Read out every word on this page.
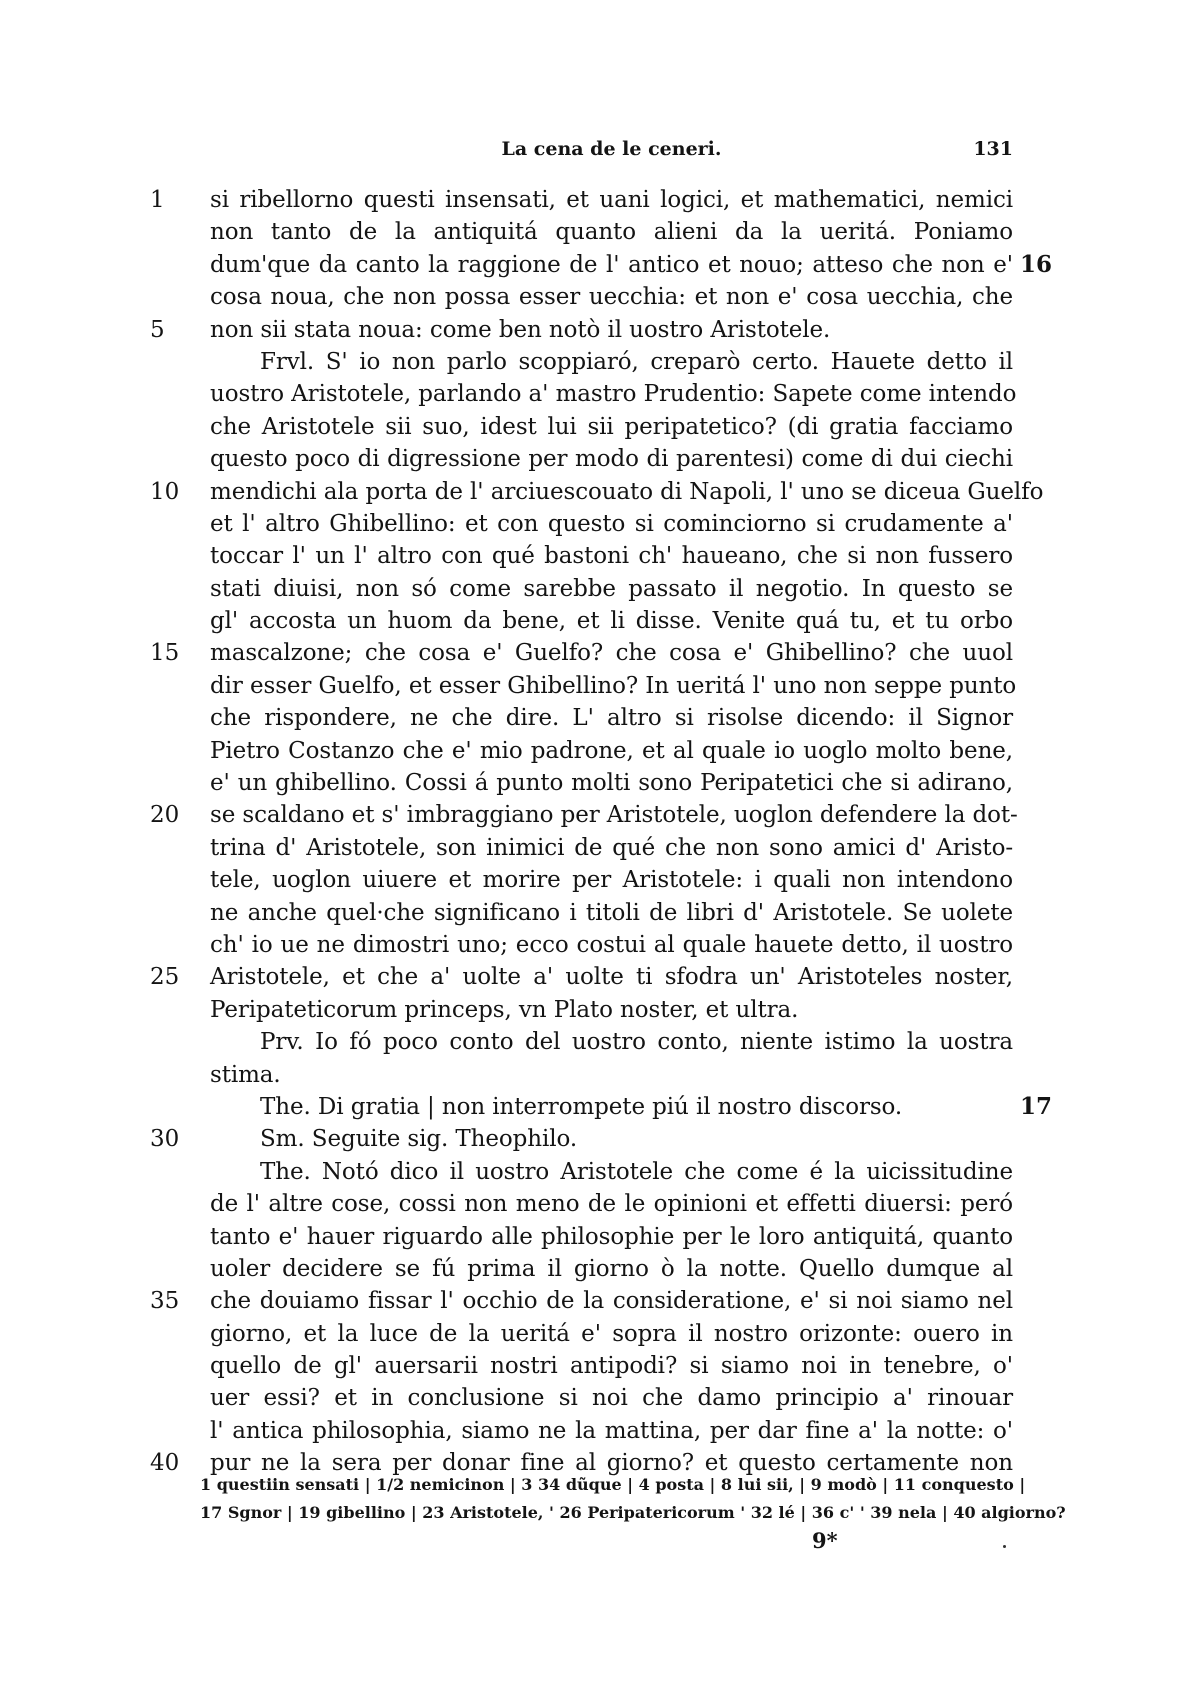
La cena de le ceneri.	131
1	si ribellorno questi insensati, et uani logici, et mathematici, nemici
non tanto de la antiquitá quanto alieni da la ueritá. Poniamo
dum'que da canto la raggione de l' antico et nouo; atteso che non e' 16
cosa noua, che non possa esser uecchia: et non e' cosa uecchia, che
5	non sii stata noua: come ben notò il uostro Aristotele.
Frvl. S' io non parlo scoppiaró, creparò certo. Hauete detto il
uostro Aristotele, parlando a' mastro Prudentio: Sapete come intendo
che Aristotele sii suo, idest lui sii peripatetico? (di gratia facciamo
questo poco di digressione per modo di parentesi) come di dui ciechi
10	mendichi ala porta de l' arciuescouato di Napoli, l' uno se diceua Guelfo
et l' altro Ghibellino: et con questo si cominciorno si crudamente a'
toccar l' un l' altro con qué bastoni ch' haueano, che si non fussero
stati diuisi, non só come sarebbe passato il negotio. In questo se
gl' accosta un huom da bene, et li disse. Venite quá tu, et tu orbo
15	mascalzone; che cosa e' Guelfo? che cosa e' Ghibellino? che uuol
dir esser Guelfo, et esser Ghibellino? In ueritá l' uno non seppe punto
che rispondere, ne che dire. L' altro si risolse dicendo: il Signor
Pietro Costanzo che e' mio padrone, et al quale io uoglo molto bene,
e' un ghibellino. Cossi á punto molti sono Peripatetici che si adirano,
20	se scaldano et s' imbraggiano per Aristotele, uoglon defendere la dot-
trina d' Aristotele, son inimici de qué che non sono amici d' Aristo-
tele, uoglon uiuere et morire per Aristotele: i quali non intendono
ne anche quel·che significano i titoli de libri d' Aristotele. Se uolete
ch' io ue ne dimostri uno; ecco costui al quale hauete detto, il uostro
25	Aristotele, et che a' uolte a' uolte ti sfodra un' Aristoteles noster,
Peripateticorum princeps, vn Plato noster, et ultra.
Prv. Io fó poco conto del uostro conto, niente istimo la uostra
stima.
The. Di gratia | non interrompete piú il nostro discorso.	17
30	Sm. Seguite sig. Theophilo.
The. Notó dico il uostro Aristotele che come é la uicissitudine
de l' altre cose, cossi non meno de le opinioni et effetti diuersi: peró
tanto e' hauer riguardo alle philosophie per le loro antiquitá, quanto
uoler decidere se fú prima il giorno ò la notte. Quello dumque al
35	che douiamo fissar l' occhio de la consideratione, e' si noi siamo nel
giorno, et la luce de la ueritá e' sopra il nostro orizonte: ouero in
quello de gl' auersarii nostri antipodi? si siamo noi in tenebre, o'
uer essi? et in conclusione si noi che damo principio a' rinouar
l' antica philosophia, siamo ne la mattina, per dar fine a' la notte: o'
40	pur ne la sera per donar fine al giorno? et questo certamente non
1 questiin sensati | 1/2 nemicinon | 3 34 dũque | 4 posta | 8 lui sii, | 9 modò | 11 conquesto |
17 Sgnor | 19 gibellino | 23 Aristotele, ' 26 Peripatericorum ' 32 lé | 36 c' ' 39 nela | 40 algiorno?
9*
